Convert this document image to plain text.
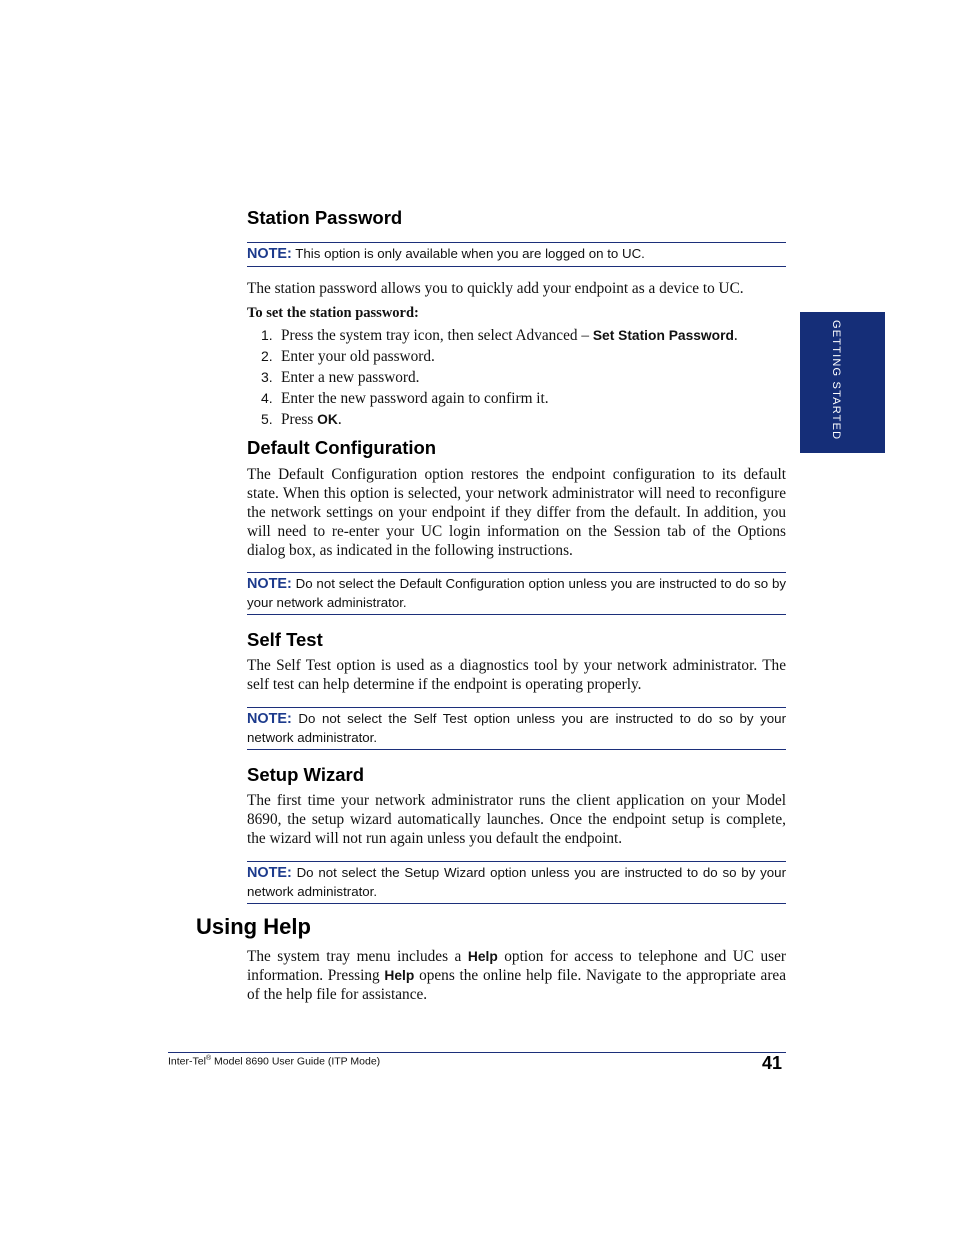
GETTING STARTED
Station Password
NOTE: This option is only available when you are logged on to UC.

The station password allows you to quickly add your endpoint as a device to UC.

To set the station password:

1. Press the system tray icon, then select Advanced – Set Station Password.
2. Enter your old password.
3. Enter a new password.
4. Enter the new password again to confirm it.
5. Press OK.
Default Configuration

The Default Configuration option restores the endpoint configuration to its default state. When this option is selected, your network administrator will need to reconfigure the network settings on your endpoint if they differ from the default. In addition, you will need to re-enter your UC login information on the Session tab of the Options dialog box, as indicated in the following instructions.

NOTE: Do not select the Default Configuration option unless you are instructed to do so by your network administrator.
Self Test

The Self Test option is used as a diagnostics tool by your network administrator. The self test can help determine if the endpoint is operating properly.

NOTE: Do not select the Self Test option unless you are instructed to do so by your network administrator.
Setup Wizard

The first time your network administrator runs the client application on your Model 8690, the setup wizard automatically launches. Once the endpoint setup is complete, the wizard will not run again unless you default the endpoint.

NOTE: Do not select the Setup Wizard option unless you are instructed to do so by your network administrator.
Using Help

The system tray menu includes a Help option for access to telephone and UC user information. Pressing Help opens the online help file. Navigate to the appropriate area of the help file for assistance.

Inter-Tel® Model 8690 User Guide (ITP Mode)	41
